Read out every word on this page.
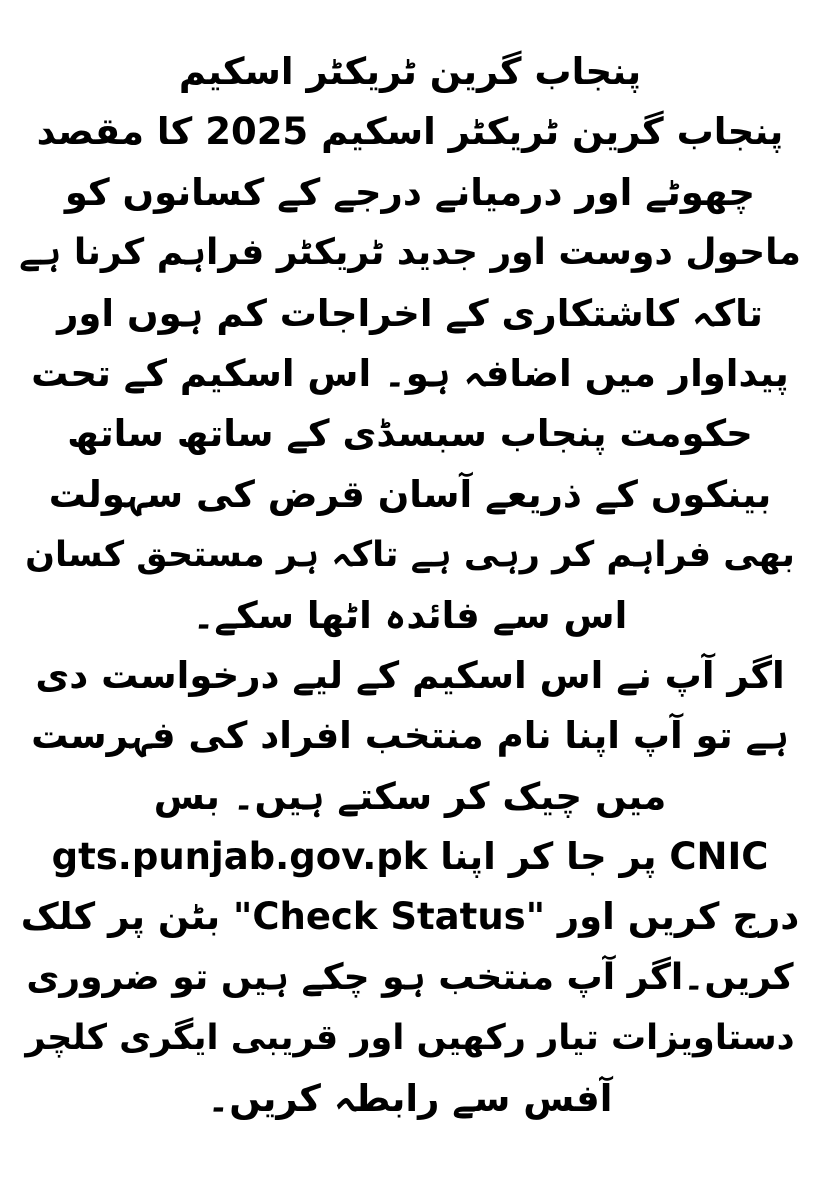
پنجاب گرین ٹریکٹر اسکیم
پنجاب گرین ٹریکٹر اسکیم 2025 کا مقصد
چھوٹے اور درمیانے درجے کے کسانوں کو
ماحول دوست اور جدید ٹریکٹر فراہم کرنا ہے
تاکہ کاشتکاری کے اخراجات کم ہوں اور
پیداوار میں اضافہ ہو۔ اس اسکیم کے تحت
حکومت پنجاب سبسڈی کے ساتھ ساتھ
بینکوں کے ذریعے آسان قرض کی سہولت
بھی فراہم کر رہی ہے تاکہ ہر مستحق کسان
اس سے فائدہ اٹھا سکے۔
اگر آپ نے اس اسکیم کے لیے درخواست دی
ہے تو آپ اپنا نام منتخب افراد کی فہرست
میں چیک کر سکتے ہیں۔ بس
gts.punjab.gov.pk پر جا کر اپنا CNIC
درج کریں اور "Check Status" بٹن پر کلک
کریں۔اگر آپ منتخب ہو چکے ہیں تو ضروری
دستاویزات تیار رکھیں اور قریبی ایگری کلچر
آفس سے رابطہ کریں۔
